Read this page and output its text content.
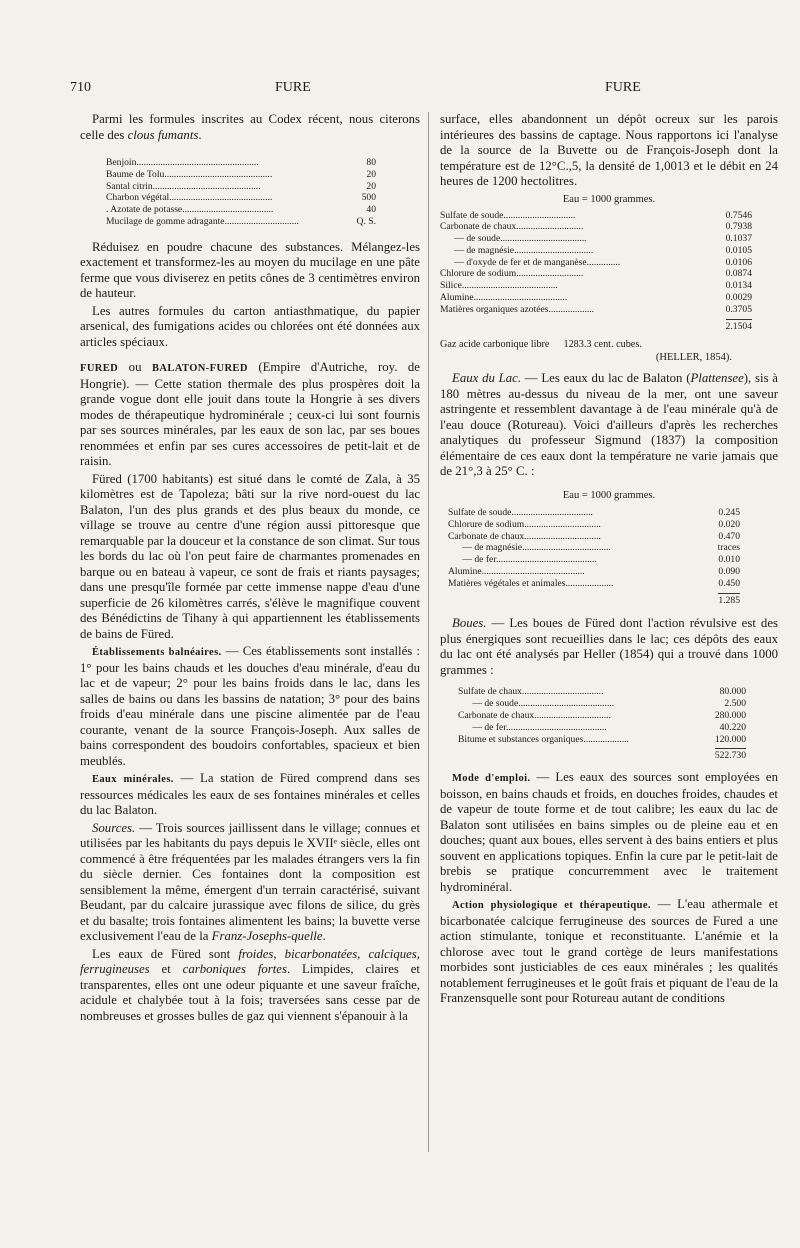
710	FURE	FURE

Parmi les formules inscrites au Codex récent, nous citerons celle des clous fumants.

Benjoin...................................................	80
Baume de Tolu.............................................	20
Santal citrin.............................................	20
Charbon végétal...........................................	500
. Azotate de potasse......................................	40
Mucilage de gomme adragante...............................	Q. S.

Réduisez en poudre chacune des substances. Mélangez-les exactement et transformez-les au moyen du mucilage en une pâte ferme que vous diviserez en petits cônes de 3 centimètres environ de hauteur.

Les autres formules du carton antiasthmatique, du papier arsenical, des fumigations acides ou chlorées ont été données aux articles spéciaux.

FURED ou BALATON-FURED (Empire d'Autriche, roy. de Hongrie). — Cette station thermale des plus prospères doit la grande vogue dont elle jouit dans toute la Hongrie à ses divers modes de thérapeutique hydrominérale ; ceux-ci lui sont fournis par ses sources minérales, par les eaux de son lac, par ses boues renommées et enfin par ses cures accessoires de petit-lait et de raisin.

Füred (1700 habitants) est situé dans le comté de Zala, à 35 kilomètres est de Tapoleza; bâti sur la rive nord-ouest du lac Balaton, l'un des plus grands et des plus beaux du monde, ce village se trouve au centre d'une région aussi pittoresque que remarquable par la douceur et la constance de son climat. Sur tous les bords du lac où l'on peut faire de charmantes promenades en barque ou en bateau à vapeur, ce sont de frais et riants paysages; dans une presqu'île formée par cette immense nappe d'eau d'une superficie de 26 kilomètres carrés, s'élève le magnifique couvent des Bénédictins de Tihany à qui appartiennent les établissements de bains de Füred.

Établissements balnéaires. — Ces établissements sont installés : 1° pour les bains chauds et les douches d'eau minérale, d'eau du lac et de vapeur; 2° pour les bains froids dans le lac, dans les salles de bains ou dans les bassins de natation; 3° pour des bains froids d'eau minérale dans une piscine alimentée par de l'eau courante, venant de la source François-Joseph. Aux salles de bains correspondent des boudoirs confortables, spacieux et bien meublés.

Eaux minérales. — La station de Füred comprend dans ses ressources médicales les eaux de ses fontaines minérales et celles du lac Balaton.

Sources. — Trois sources jaillissent dans le village; connues et utilisées par les habitants du pays depuis le XVIIᵉ siècle, elles ont commencé à être fréquentées par les malades étrangers vers la fin du siècle dernier. Ces fontaines dont la composition est sensiblement la même, émergent d'un terrain caractérisé, suivant Beudant, par du calcaire jurassique avec filons de silice, du grès et du basalte; trois fontaines alimentent les bains; la buvette verse exclusivement l'eau de la Franz-Josephs-quelle.

Les eaux de Füred sont froides, bicarbonatées, calciques, ferrugineuses et carboniques fortes. Limpides, claires et transparentes, elles ont une odeur piquante et une saveur fraîche, acidule et chalybée tout à la fois; traversées sans cesse par de nombreuses et grosses bulles de gaz qui viennent s'épanouir à la

surface, elles abandonnent un dépôt ocreux sur les parois intérieures des bassins de captage. Nous rapportons ici l'analyse de la source de la Buvette ou de François-Joseph dont la température est de 12°C.,5, la densité de 1,0013 et le débit en 24 heures de 1200 hectolitres.

Eau = 1000 grammes.
Sulfate de soude..............................	0.7546
Carbonate de chaux............................	0.7938
— de soude....................................	0.1037
— de magnésie.................................	0.0105
— d'oxyde de fer et de manganèse..............	0.0106
Chlorure de sodium............................	0.0874
Silice........................................	0.0134
Alumine.......................................	0.0029
Matières organiques azotées...................	0.3705
	2.1504
Gaz acide carbonique libre 1283.3 cent. cubes.
(HELLER, 1854).

Eaux du Lac. — Les eaux du lac de Balaton (Plattensee), sis à 180 mètres au-dessus du niveau de la mer, ont une saveur astringente et ressemblent davantage à de l'eau minérale qu'à de l'eau douce (Rotureau). Voici d'ailleurs d'après les recherches analytiques du professeur Sigmund (1837) la composition élémentaire de ces eaux dont la température ne varie jamais que de 21°,3 à 25° C. :

Eau = 1000 grammes.
Sulfate de soude..................................	0.245
Chlorure de sodium................................	0.020
Carbonate de chaux................................	0.470
— de magnésie.....................................	traces
— de fer..........................................	0.010
Alumine...........................................	0.090
Matières végétales et animales....................	0.450
	1.285

Boues. — Les boues de Füred dont l'action révulsive est des plus énergiques sont recueillies dans le lac; ces dépôts des eaux du lac ont été analysés par Heller (1854) qui a trouvé dans 1000 grammes :

Sulfate de chaux..................................	80.000
— de soude........................................	2.500
Carbonate de chaux................................	280.000
— de fer..........................................	40.220
Bitume et substances organiques...................	120.000
	522.730

Mode d'emploi. — Les eaux des sources sont employées en boisson, en bains chauds et froids, en douches froides, chaudes et de vapeur de toute forme et de tout calibre; les eaux du lac de Balaton sont utilisées en bains simples ou de pleine eau et en douches; quant aux boues, elles servent à des bains entiers et plus souvent en applications topiques. Enfin la cure par le petit-lait de brebis se pratique concurremment avec le traitement hydrominéral.

Action physiologique et thérapeutique. — L'eau athermale et bicarbonatée calcique ferrugineuse des sources de Fured a une action stimulante, tonique et reconstituante. L'anémie et la chlorose avec tout le grand cortège de leurs manifestations morbides sont justiciables de ces eaux minérales ; les qualités notablement ferrugineuses et le goût frais et piquant de l'eau de la Franzensquelle sont pour Rotureau autant de conditions
